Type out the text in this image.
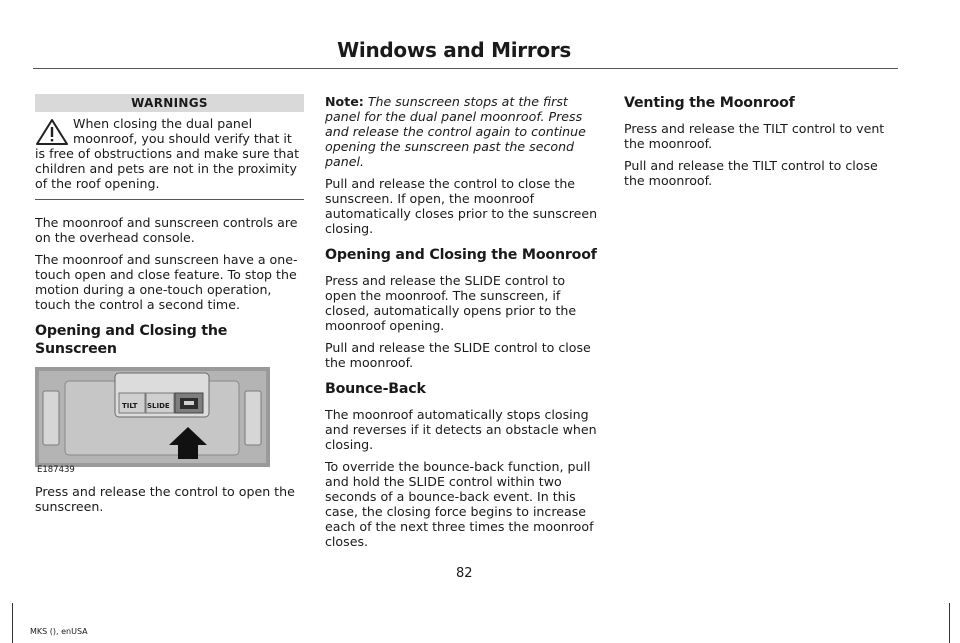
Windows and Mirrors
WARNINGS

When closing the dual panel moonroof, you should verify that it is free of obstructions and make sure that children and pets are not in the proximity of the roof opening.

The moonroof and sunscreen controls are on the overhead console.

The moonroof and sunscreen have a one-touch open and close feature. To stop the motion during a one-touch operation, touch the control a second time.

Opening and Closing the Sunscreen
TILT SLIDE
E187439

Press and release the control to open the sunscreen.

Note: The sunscreen stops at the first panel for the dual panel moonroof. Press and release the control again to continue opening the sunscreen past the second panel.

Pull and release the control to close the sunscreen. If open, the moonroof automatically closes prior to the sunscreen closing.

Opening and Closing the Moonroof

Press and release the SLIDE control to open the moonroof. The sunscreen, if closed, automatically opens prior to the moonroof opening.

Pull and release the SLIDE control to close the moonroof.

Bounce-Back

The moonroof automatically stops closing and reverses if it detects an obstacle when closing.

To override the bounce-back function, pull and hold the SLIDE control within two seconds of a bounce-back event. In this case, the closing force begins to increase each of the next three times the moonroof closes.

Venting the Moonroof

Press and release the TILT control to vent the moonroof.

Pull and release the TILT control to close the moonroof.

82
MKS (), enUSA
